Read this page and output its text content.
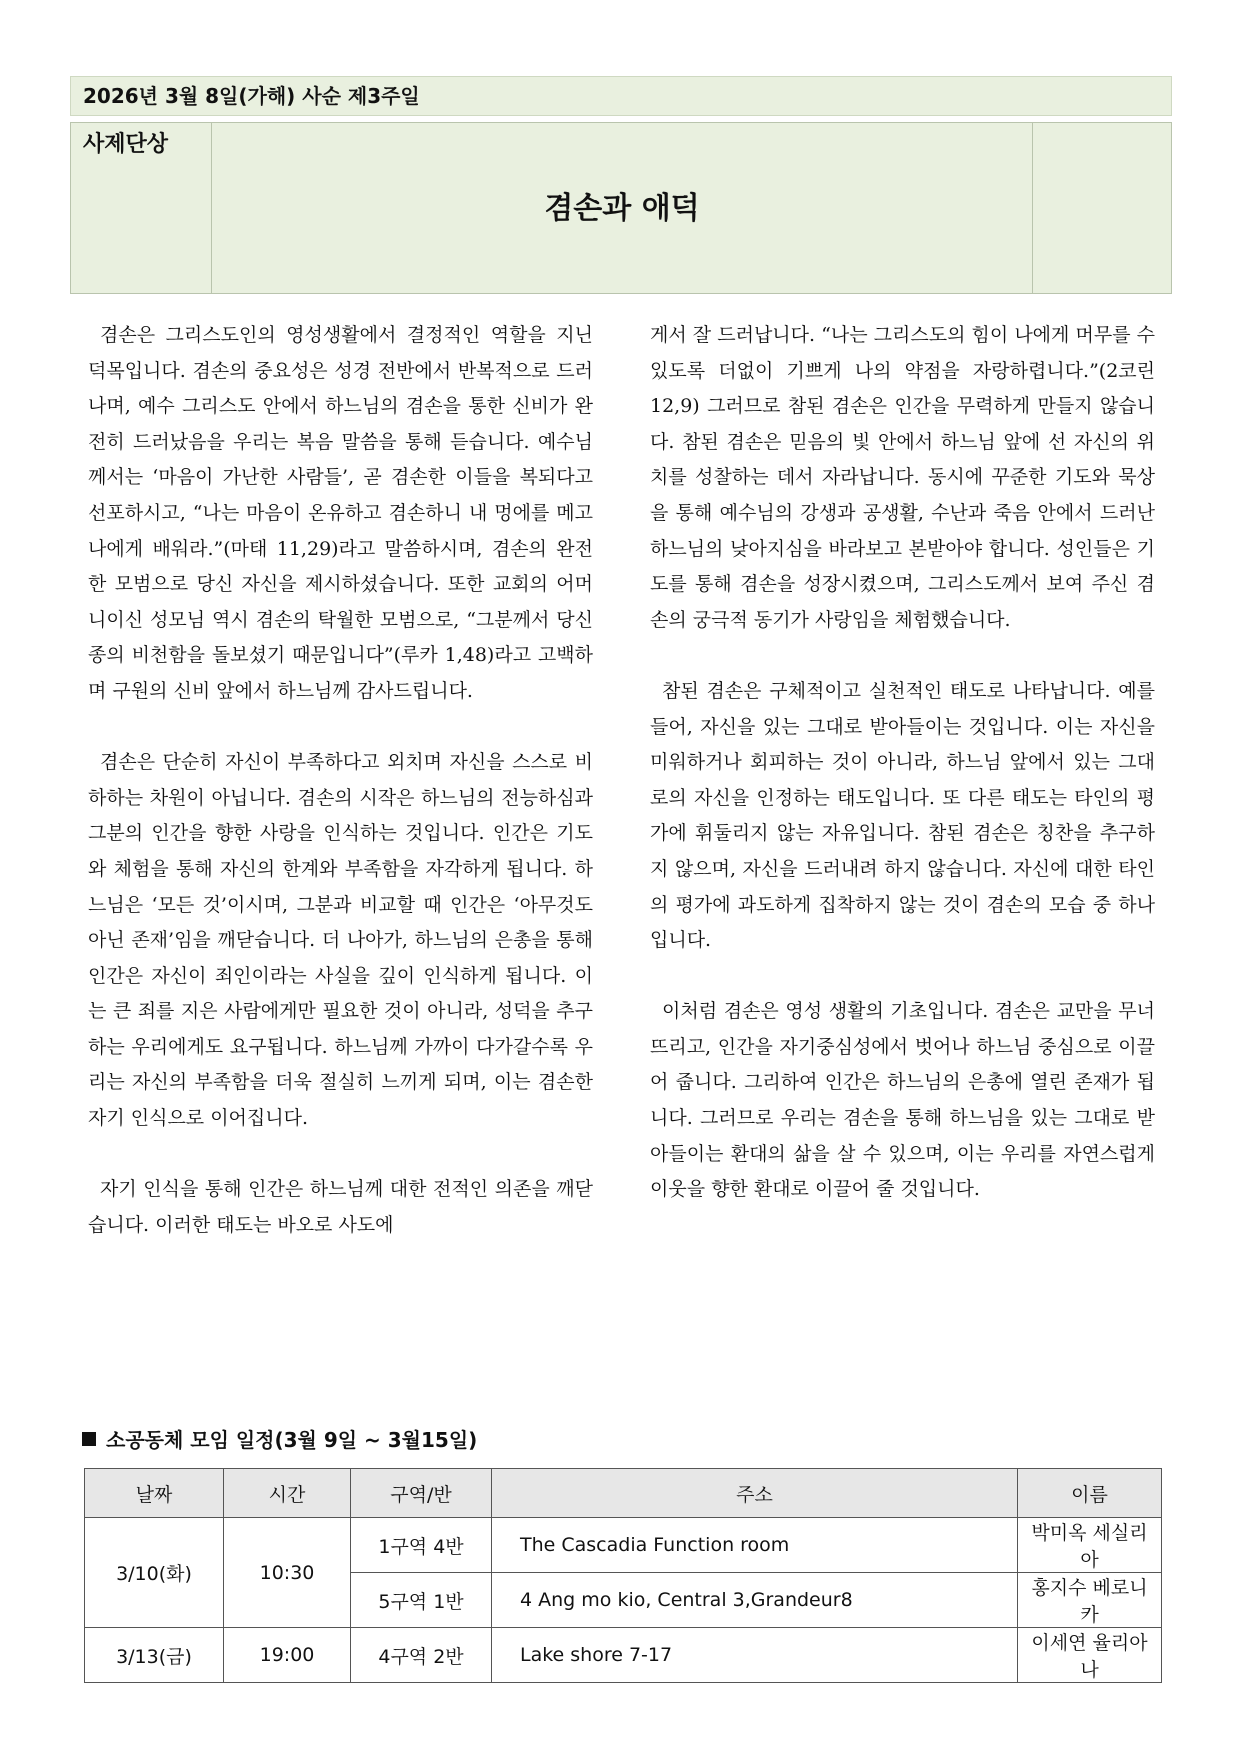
2026년 3월 8일(가해) 사순 제3주일
사제단상
겸손과 애덕

겸손은 그리스도인의 영성생활에서 결정적인 역할을 지닌 덕목입니다. 겸손의 중요성은 성경 전반에서 반복적으로 드러나며, 예수 그리스도 안에서 하느님의 겸손을 통한 신비가 완전히 드러났음을 우리는 복음 말씀을 통해 듣습니다. 예수님께서는 ‘마음이 가난한 사람들’, 곧 겸손한 이들을 복되다고 선포하시고, “나는 마음이 온유하고 겸손하니 내 멍에를 메고 나에게 배워라.”(마태 11,29)라고 말씀하시며, 겸손의 완전한 모범으로 당신 자신을 제시하셨습니다. 또한 교회의 어머니이신 성모님 역시 겸손의 탁월한 모범으로, “그분께서 당신 종의 비천함을 돌보셨기 때문입니다”(루카 1,48)라고 고백하며 구원의 신비 앞에서 하느님께 감사드립니다.

겸손은 단순히 자신이 부족하다고 외치며 자신을 스스로 비하하는 차원이 아닙니다. 겸손의 시작은 하느님의 전능하심과 그분의 인간을 향한 사랑을 인식하는 것입니다. 인간은 기도와 체험을 통해 자신의 한계와 부족함을 자각하게 됩니다. 하느님은 ‘모든 것’이시며, 그분과 비교할 때 인간은 ‘아무것도 아닌 존재’임을 깨닫습니다. 더 나아가, 하느님의 은총을 통해 인간은 자신이 죄인이라는 사실을 깊이 인식하게 됩니다. 이는 큰 죄를 지은 사람에게만 필요한 것이 아니라, 성덕을 추구하는 우리에게도 요구됩니다. 하느님께 가까이 다가갈수록 우리는 자신의 부족함을 더욱 절실히 느끼게 되며, 이는 겸손한 자기 인식으로 이어집니다.

자기 인식을 통해 인간은 하느님께 대한 전적인 의존을 깨닫습니다. 이러한 태도는 바오로 사도에

게서 잘 드러납니다. “나는 그리스도의 힘이 나에게 머무를 수 있도록 더없이 기쁘게 나의 약점을 자랑하렵니다.”(2코린 12,9) 그러므로 참된 겸손은 인간을 무력하게 만들지 않습니다. 참된 겸손은 믿음의 빛 안에서 하느님 앞에 선 자신의 위치를 성찰하는 데서 자라납니다. 동시에 꾸준한 기도와 묵상을 통해 예수님의 강생과 공생활, 수난과 죽음 안에서 드러난 하느님의 낮아지심을 바라보고 본받아야 합니다. 성인들은 기도를 통해 겸손을 성장시켰으며, 그리스도께서 보여 주신 겸손의 궁극적 동기가 사랑임을 체험했습니다.

참된 겸손은 구체적이고 실천적인 태도로 나타납니다. 예를 들어, 자신을 있는 그대로 받아들이는 것입니다. 이는 자신을 미워하거나 회피하는 것이 아니라, 하느님 앞에서 있는 그대로의 자신을 인정하는 태도입니다. 또 다른 태도는 타인의 평가에 휘둘리지 않는 자유입니다. 참된 겸손은 칭찬을 추구하지 않으며, 자신을 드러내려 하지 않습니다. 자신에 대한 타인의 평가에 과도하게 집착하지 않는 것이 겸손의 모습 중 하나입니다.

이처럼 겸손은 영성 생활의 기초입니다. 겸손은 교만을 무너뜨리고, 인간을 자기중심성에서 벗어나 하느님 중심으로 이끌어 줍니다. 그리하여 인간은 하느님의 은총에 열린 존재가 됩니다. 그러므로 우리는 겸손을 통해 하느님을 있는 그대로 받아들이는 환대의 삶을 살 수 있으며, 이는 우리를 자연스럽게 이웃을 향한 환대로 이끌어 줄 것입니다.

소공동체 모임 일정(3월 9일 ~ 3월15일)
날짜	시간	구역/반	주소	이름
3/10(화)	10:30	1구역 4반	The Cascadia Function room	박미옥 세실리아
		5구역 1반	4 Ang mo kio, Central 3,Grandeur8	홍지수 베로니카
3/13(금)	19:00	4구역 2반	Lake shore 7-17	이세연 율리아나
